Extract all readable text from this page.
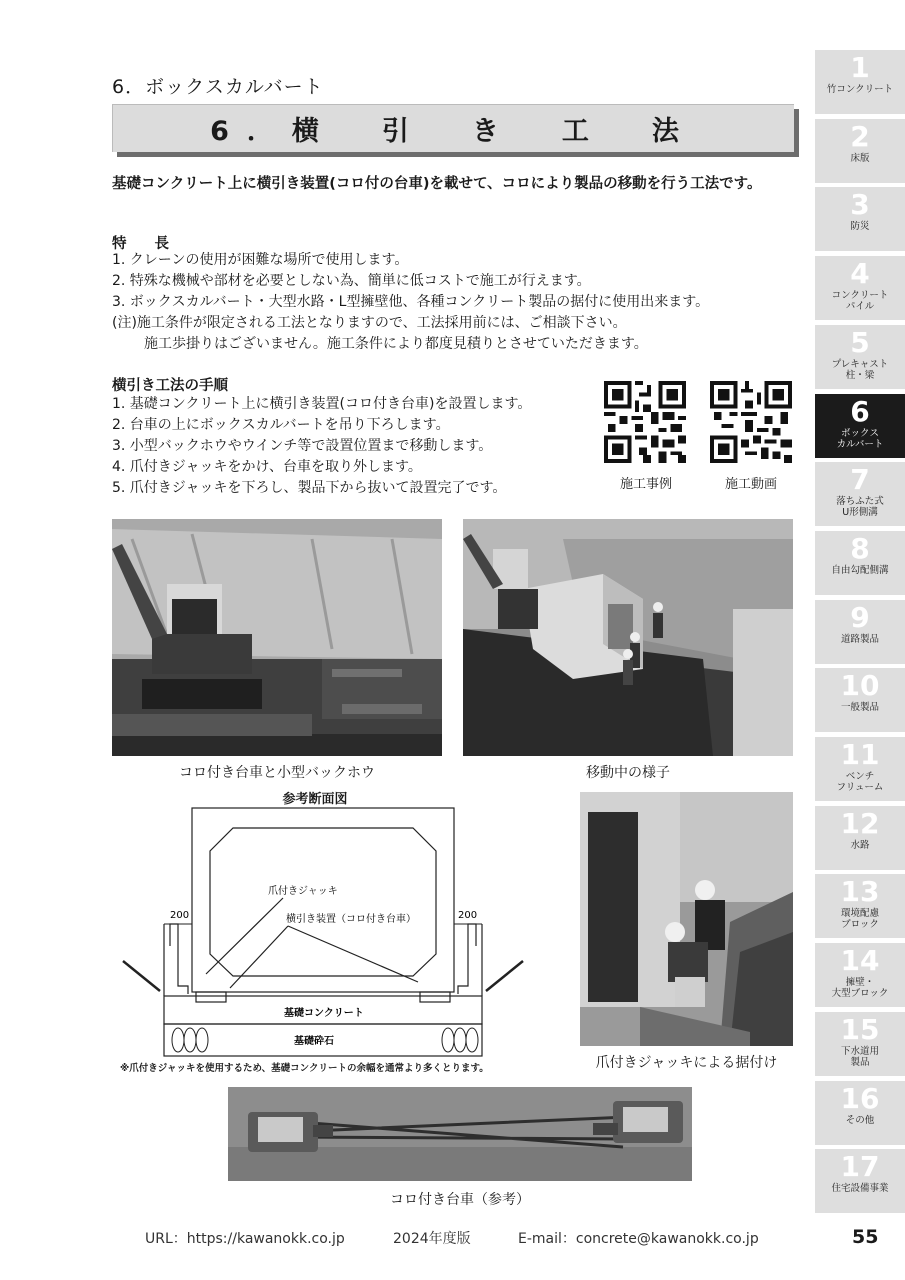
6．ボックスカルバート
6．横　引　き　工　法
基礎コンクリート上に横引き装置(コロ付の台車)を載せて、コロにより製品の移動を行う工法です。
特 長
1. クレーンの使用が困難な場所で使用します。
2. 特殊な機械や部材を必要としない為、簡単に低コストで施工が行えます。
3. ボックスカルバート・大型水路・L型擁壁他、各種コンクリート製品の据付に使用出来ます。
(注)施工条件が限定される工法となりますので、工法採用前には、ご相談下さい。
施工歩掛りはございません。施工条件により都度見積りとさせていただきます。
横引き工法の手順
1. 基礎コンクリート上に横引き装置(コロ付き台車)を設置します。
2. 台車の上にボックスカルバートを吊り下ろします。
3. 小型バックホウやウインチ等で設置位置まで移動します。
4. 爪付きジャッキをかけ、台車を取り外します。
5. 爪付きジャッキを下ろし、製品下から抜いて設置完了です。	施工事例	施工動画
コロ付き台車と小型バックホウ	移動中の様子
参考断面図
爪付きジャッキ
横引き装置（コロ付き台車）
200	200
基礎コンクリート
基礎砕石
※爪付きジャッキを使用するため、基礎コンクリートの余幅を通常より多くとります。	爪付きジャッキによる据付け
コロ付き台車（参考）
1
竹コンクリート
2
床版
3
防災
4
コンクリート
パイル
5
プレキャスト
柱・梁
6
ボックス
カルバート
7
落ちふた式
U形側溝
8
自由勾配側溝
9
道路製品
10
一般製品
11
ベンチ
フリューム
12
水路
13
環境配慮
ブロック
14
擁壁・
大型ブロック
15
下水道用
製品
16
その他
17
住宅設備事業
URL：https://kawanokk.co.jp	2024年度版	E-mail：concrete@kawanokk.co.jp	55
